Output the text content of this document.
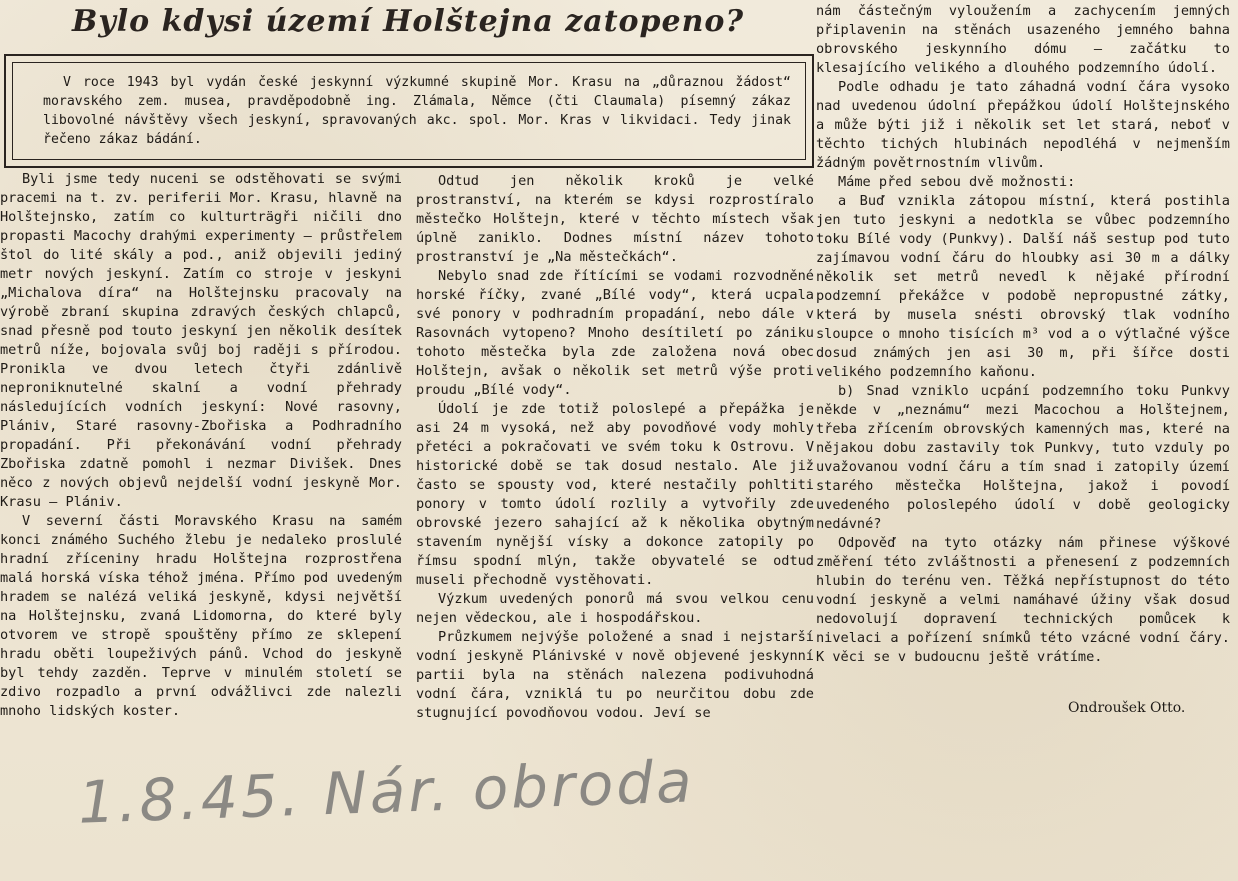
Bylo kdysi území Holštejna zatopeno?

V roce 1943 byl vydán české jeskynní výzkumné skupině Mor. Krasu na „důraznou žádost“ moravského zem. musea, pravděpodobně ing. Zlámala, Němce (čti Claumala) písemný zákaz libovolné návštěvy všech jeskyní, spravovaných akc. spol. Mor. Kras v likvidaci. Tedy jinak řečeno zákaz bádání.

Byli jsme tedy nuceni se odstěhovati se svými pracemi na t. zv. periferii Mor. Krasu, hlavně na Holštejnsko, zatím co kulturträgři ničili dno propasti Macochy drahými experimenty — průstřelem štol do lité skály a pod., aniž objevili jediný metr nových jeskyní. Zatím co stroje v jeskyni „Michalova díra“ na Holštejnsku pracovaly na výrobě zbraní skupina zdravých českých chlapců, snad přesně pod touto jeskyní jen několik desítek metrů níže, bojovala svůj boj raději s přírodou. Pronikla ve dvou letech čtyři zdánlivě neproniknutelné skalní a vodní přehrady následujících vodních jeskyní: Nové rasovny, Plániv, Staré rasovny-Zbořiska a Podhradního propadání. Při překonávání vodní přehrady Zbořiska zdatně pomohl i nezmar Divišek. Dnes něco z nových objevů nejdelší vodní jeskyně Mor. Krasu — Plániv.

V severní části Moravského Krasu na samém konci známého Suchého žlebu je nedaleko proslulé hradní zříceniny hradu Holštejna rozprostřena malá horská víska téhož jména. Přímo pod uvedeným hradem se nalézá veliká jeskyně, kdysi největší na Holštejnsku, zvaná Lidomorna, do které byly otvorem ve stropě spouštěny přímo ze sklepení hradu oběti loupeživých pánů. Vchod do jeskyně byl tehdy zazděn. Teprve v minulém století se zdivo rozpadlo a první odvážlivci zde nalezli mnoho lidských koster.

Odtud jen několik kroků je velké prostranství, na kterém se kdysi rozprostíralo městečko Holštejn, které v těchto místech však úplně zaniklo. Dodnes místní název tohoto prostranství je „Na městečkách“.

Nebylo snad zde řítícími se vodami rozvodněné horské říčky, zvané „Bílé vody“, která ucpala své ponory v podhradním propadání, nebo dále v Rasovnách vytopeno? Mnoho desítiletí po zániku tohoto městečka byla zde založena nová obec Holštejn, avšak o několik set metrů výše proti proudu „Bílé vody“.

Údolí je zde totiž poloslepé a přepážka je asi 24 m vysoká, než aby povodňové vody mohly přetéci a pokračovati ve svém toku k Ostrovu. V historické době se tak dosud nestalo. Ale již často se spousty vod, které nestačily pohltiti ponory v tomto údolí rozlily a vytvořily zde obrovské jezero sahající až k několika obytným stavením nynější vísky a dokonce zatopily po římsu spodní mlýn, takže obyvatelé se odtud museli přechodně vystěhovati.

Výzkum uvedených ponorů má svou velkou cenu nejen vědeckou, ale i hospodářskou.

Průzkumem nejvýše položené a snad i nejstarší vodní jeskyně Plánivské v nově objevené jeskynní partii byla na stěnách nalezena podivuhodná vodní čára, vzniklá tu po neurčitou dobu zde stugnující povodňovou vodou. Jeví se

nám částečným vyloužením a zachycením jemných připlavenin na stěnách usazeného jemného bahna obrovského jeskynního dómu — začátku to klesajícího velikého a dlouhého podzemního údolí.

Podle odhadu je tato záhadná vodní čára vysoko nad uvedenou údolní přepážkou údolí Holštejnského a může býti již i několik set let stará, neboť v těchto tichých hlubinách nepodléhá v nejmenším žádným povětrnostním vlivům.

Máme před sebou dvě možnosti:

a Buď vznikla zátopou místní, která postihla jen tuto jeskyni a nedotkla se vůbec podzemního toku Bílé vody (Punkvy). Další náš sestup pod tuto zajímavou vodní čáru do hloubky asi 30 m a dálky několik set metrů nevedl k nějaké přírodní podzemní překážce v podobě nepropustné zátky, která by musela snésti obrovský tlak vodního sloupce o mnoho tisících m³ vod a o výtlačné výšce dosud známých jen asi 30 m, při šířce dosti velikého podzemního kaňonu.

b) Snad vzniklo ucpání podzemního toku Punkvy někde v „neznámu“ mezi Macochou a Holštejnem, třeba zřícením obrovských kamenných mas, které na nějakou dobu zastavily tok Punkvy, tuto vzduly po uvažovanou vodní čáru a tím snad i zatopily území starého městečka Holštejna, jakož i povodí uvedeného poloslepého údolí v době geologicky nedávné?

Odpověď na tyto otázky nám přinese výškové změření této zvláštnosti a přenesení z podzemních hlubin do terénu ven. Těžká nepřístupnost do této vodní jeskyně a velmi namáhavé úžiny však dosud nedovolují dopravení technických pomůcek k nivelaci a pořízení snímků této vzácné vodní čáry. K věci se v budoucnu ještě vrátíme.

Ondroušek Otto.

1.8.45. Nár. obroda
